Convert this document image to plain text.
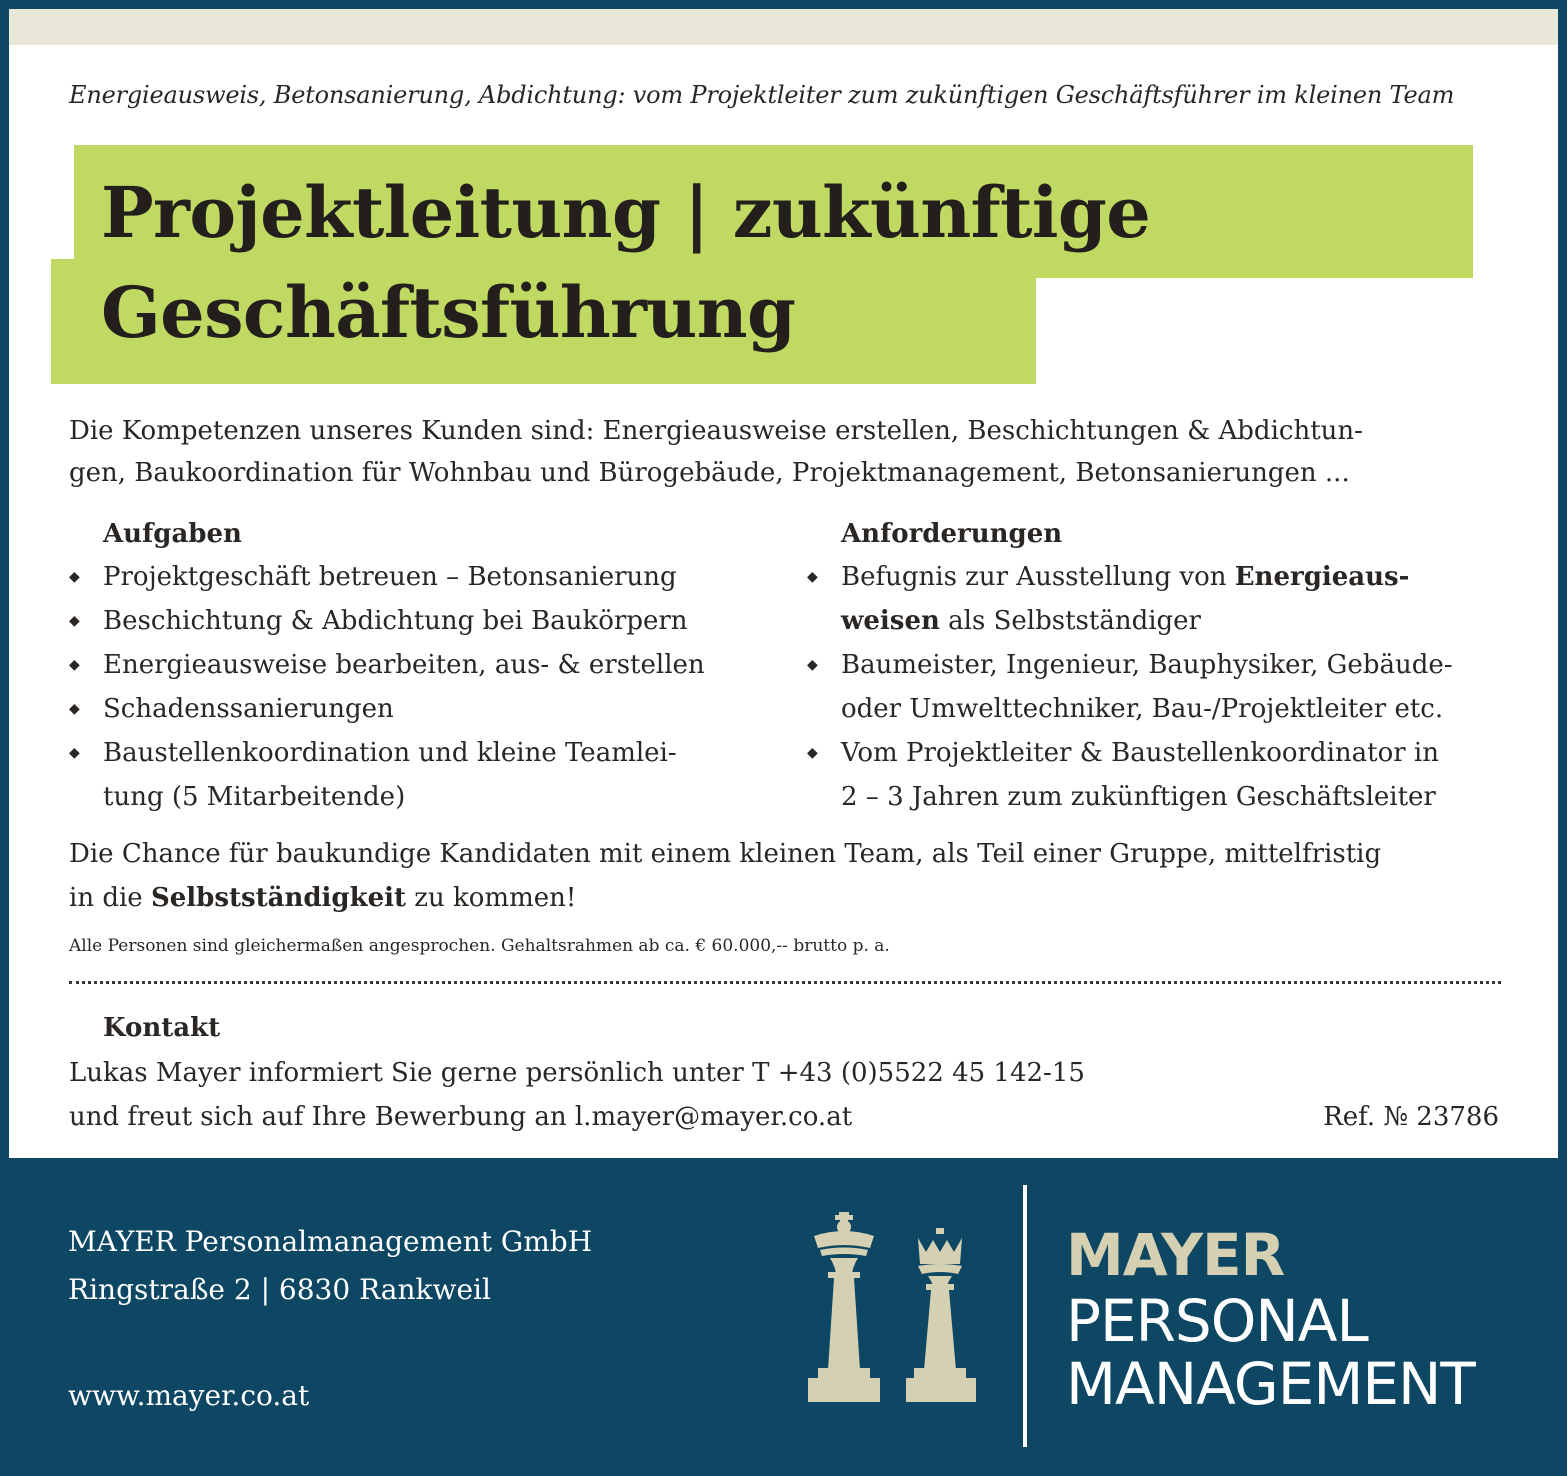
Energieausweis, Betonsanierung, Abdichtung: vom Projektleiter zum zukünftigen Geschäftsführer im kleinen Team
Projektleitung | zukünftige
Geschäftsführung

Die Kompetenzen unseres Kunden sind: Energieausweise erstellen, Beschichtungen & Abdichtun-
gen, Baukoordination für Wohnbau und Bürogebäude, Projektmanagement, Betonsanierungen ...

Aufgaben
◆ Projektgeschäft betreuen – Betonsanierung
◆ Beschichtung & Abdichtung bei Baukörpern
◆ Energieausweise bearbeiten, aus- & erstellen
◆ Schadenssanierungen
◆ Baustellenkoordination und kleine Teamlei-
tung (5 Mitarbeitende)
Anforderungen
◆ Befugnis zur Ausstellung von Energieaus-
weisen als Selbstständiger
◆ Baumeister, Ingenieur, Bauphysiker, Gebäude-
oder Umwelttechniker, Bau-/Projektleiter etc.
◆ Vom Projektleiter & Baustellenkoordinator in
2 – 3 Jahren zum zukünftigen Geschäftsleiter

Die Chance für baukundige Kandidaten mit einem kleinen Team, als Teil einer Gruppe, mittelfristig
in die Selbstständigkeit zu kommen!

Alle Personen sind gleichermaßen angesprochen. Gehaltsrahmen ab ca. € 60.000,-- brutto p. a.

Kontakt

Lukas Mayer informiert Sie gerne persönlich unter T +43 (0)5522 45 142-15

und freut sich auf Ihre Bewerbung an l.mayer@mayer.co.at	Ref. № 23786

MAYER Personalmanagement GmbH
Ringstraße 2 | 6830 Rankweil
www.mayer.co.at
MAYER
PERSONAL
MANAGEMENT
